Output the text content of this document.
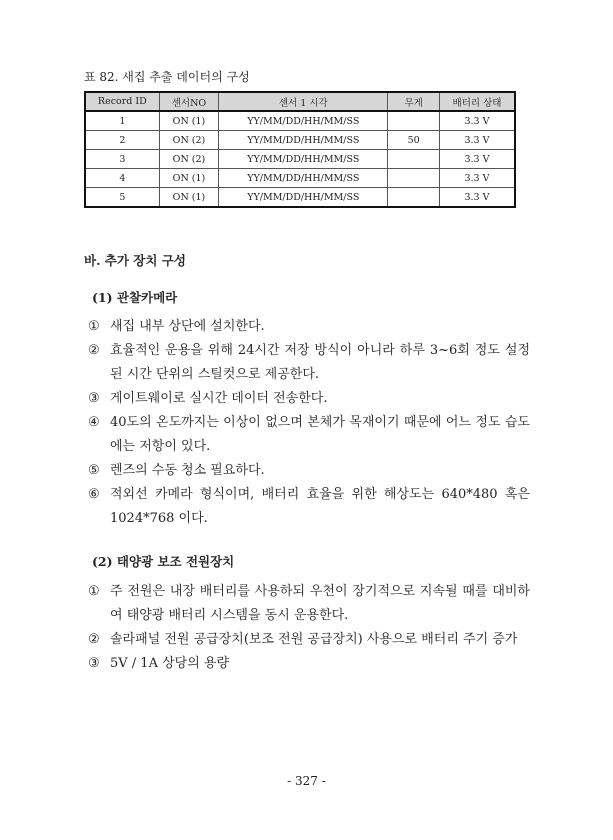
표 82. 새집 추출 데이터의 구성
Record ID	센서NO	센서 1 시각	무게	배터리 상태
1	ON (1)	YY/MM/DD/HH/MM/SS		3.3 V
2	ON (2)	YY/MM/DD/HH/MM/SS	50	3.3 V
3	ON (2)	YY/MM/DD/HH/MM/SS		3.3 V
4	ON (1)	YY/MM/DD/HH/MM/SS		3.3 V
5	ON (1)	YY/MM/DD/HH/MM/SS		3.3 V
바. 추가 장치 구성
(1) 관찰카메라
① 새집 내부 상단에 설치한다.
② 효율적인 운용을 위해 24시간 저장 방식이 아니라 하루 3~6회 정도 설정된 시간 단위의 스틸컷으로 제공한다.
③ 게이트웨이로 실시간 데이터 전송한다.
④ 40도의 온도까지는 이상이 없으며 본체가 목재이기 때문에 어느 정도 습도에는 저항이 있다.
⑤ 렌즈의 수동 청소 필요하다.
⑥ 적외선 카메라 형식이며, 배터리 효율을 위한 해상도는 640*480 혹은 1024*768 이다.
(2) 태양광 보조 전원장치
① 주 전원은 내장 배터리를 사용하되 우천이 장기적으로 지속될 때를 대비하여 태양광 배터리 시스템을 동시 운용한다.
② 솔라패널 전원 공급장치(보조 전원 공급장치) 사용으로 배터리 주기 증가
③ 5V / 1A 상당의 용량
- 327 -
